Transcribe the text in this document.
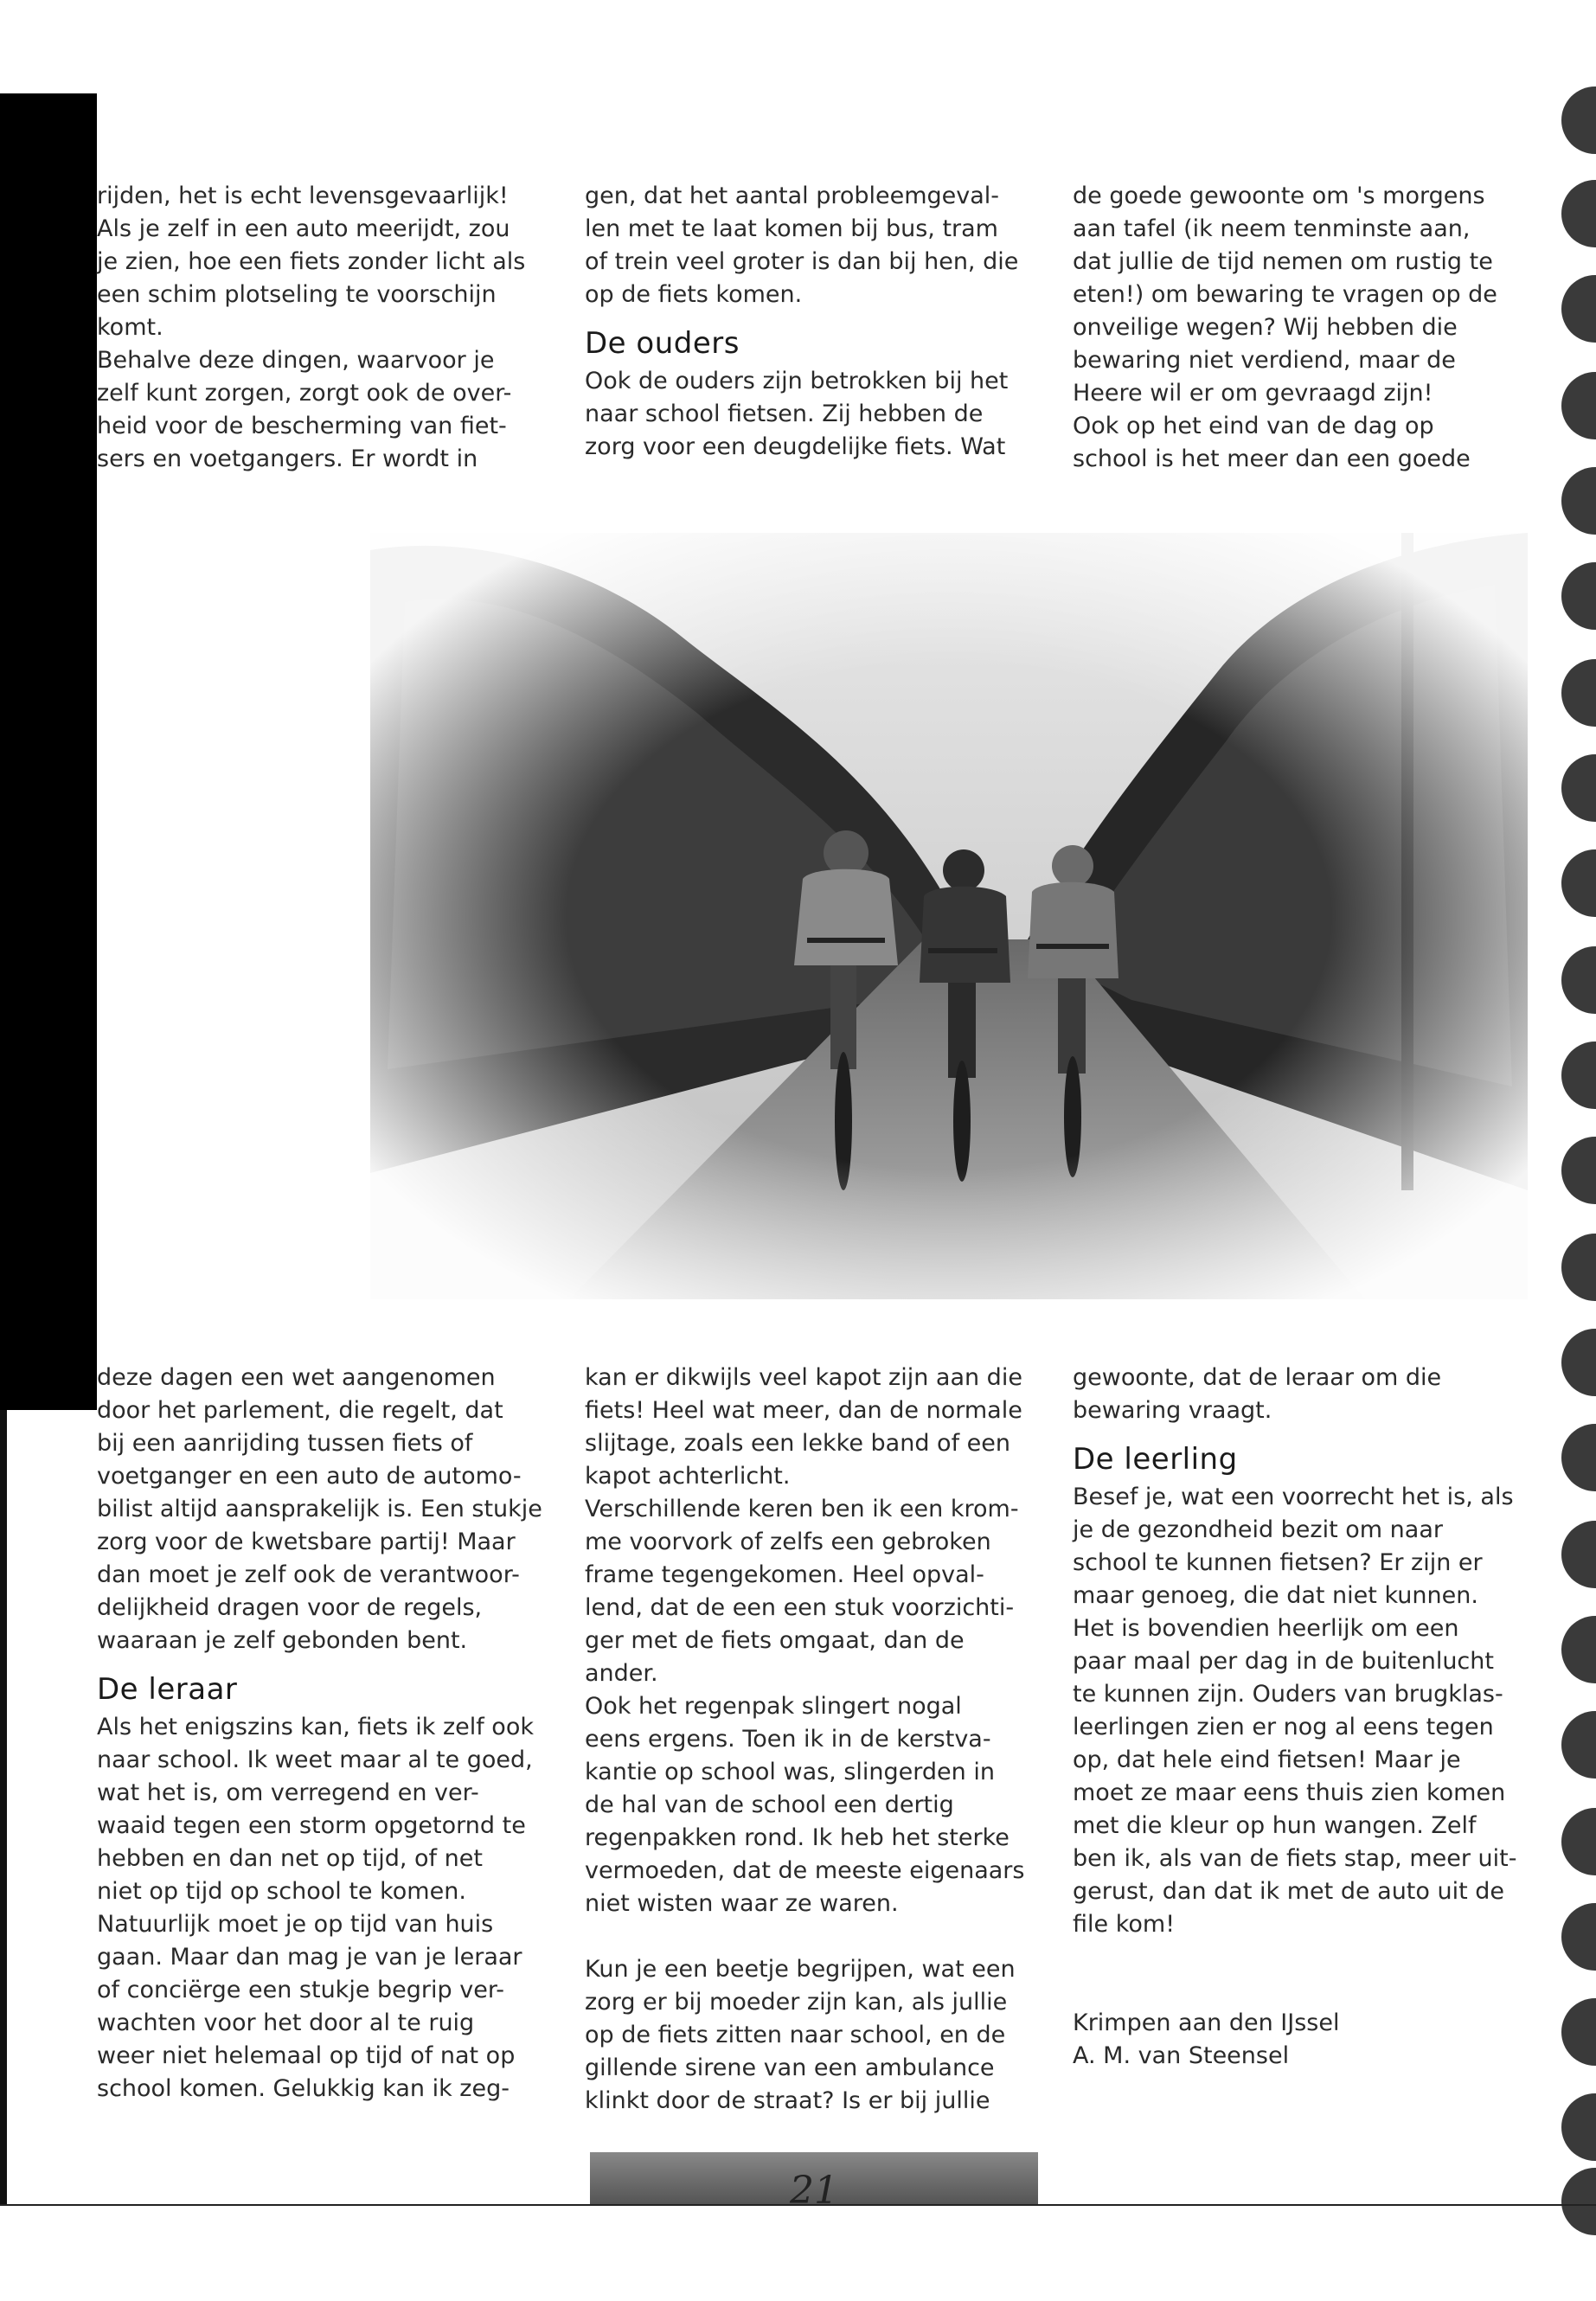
rijden, het is echt levensgevaarlijk!

Als je zelf in een auto meerijdt, zou

je zien, hoe een fiets zonder licht als

een schim plotseling te voorschijn

komt.

Behalve deze dingen, waarvoor je

zelf kunt zorgen, zorgt ook de over-

heid voor de bescherming van fiet-

sers en voetgangers. Er wordt in

gen, dat het aantal probleemgeval-

len met te laat komen bij bus, tram

of trein veel groter is dan bij hen, die

op de fiets komen.

De ouders

Ook de ouders zijn betrokken bij het

naar school fietsen. Zij hebben de

zorg voor een deugdelijke fiets. Wat

de goede gewoonte om 's morgens

aan tafel (ik neem tenminste aan,

dat jullie de tijd nemen om rustig te

eten!) om bewaring te vragen op de

onveilige wegen? Wij hebben die

bewaring niet verdiend, maar de

Heere wil er om gevraagd zijn!

Ook op het eind van de dag op

school is het meer dan een goede

deze dagen een wet aangenomen

door het parlement, die regelt, dat

bij een aanrijding tussen fiets of

voetganger en een auto de automo-

bilist altijd aansprakelijk is. Een stukje

zorg voor de kwetsbare partij! Maar

dan moet je zelf ook de verantwoor-

delijkheid dragen voor de regels,

waaraan je zelf gebonden bent.

De leraar

Als het enigszins kan, fiets ik zelf ook

naar school. Ik weet maar al te goed,

wat het is, om verregend en ver-

waaid tegen een storm opgetornd te

hebben en dan net op tijd, of net

niet op tijd op school te komen.

Natuurlijk moet je op tijd van huis

gaan. Maar dan mag je van je leraar

of conciërge een stukje begrip ver-

wachten voor het door al te ruig

weer niet helemaal op tijd of nat op

school komen. Gelukkig kan ik zeg-

kan er dikwijls veel kapot zijn aan die

fiets! Heel wat meer, dan de normale

slijtage, zoals een lekke band of een

kapot achterlicht.

Verschillende keren ben ik een krom-

me voorvork of zelfs een gebroken

frame tegengekomen. Heel opval-

lend, dat de een een stuk voorzichti-

ger met de fiets omgaat, dan de

ander.

Ook het regenpak slingert nogal

eens ergens. Toen ik in de kerstva-

kantie op school was, slingerden in

de hal van de school een dertig

regenpakken rond. Ik heb het sterke

vermoeden, dat de meeste eigenaars

niet wisten waar ze waren.

Kun je een beetje begrijpen, wat een

zorg er bij moeder zijn kan, als jullie

op de fiets zitten naar school, en de

gillende sirene van een ambulance

klinkt door de straat? Is er bij jullie

gewoonte, dat de leraar om die

bewaring vraagt.

De leerling

Besef je, wat een voorrecht het is, als

je de gezondheid bezit om naar

school te kunnen fietsen? Er zijn er

maar genoeg, die dat niet kunnen.

Het is bovendien heerlijk om een

paar maal per dag in de buitenlucht

te kunnen zijn. Ouders van brugklas-

leerlingen zien er nog al eens tegen

op, dat hele eind fietsen! Maar je

moet ze maar eens thuis zien komen

met die kleur op hun wangen. Zelf

ben ik, als van de fiets stap, meer uit-

gerust, dan dat ik met de auto uit de

file kom!

Krimpen aan den IJssel

A. M. van Steensel

21
